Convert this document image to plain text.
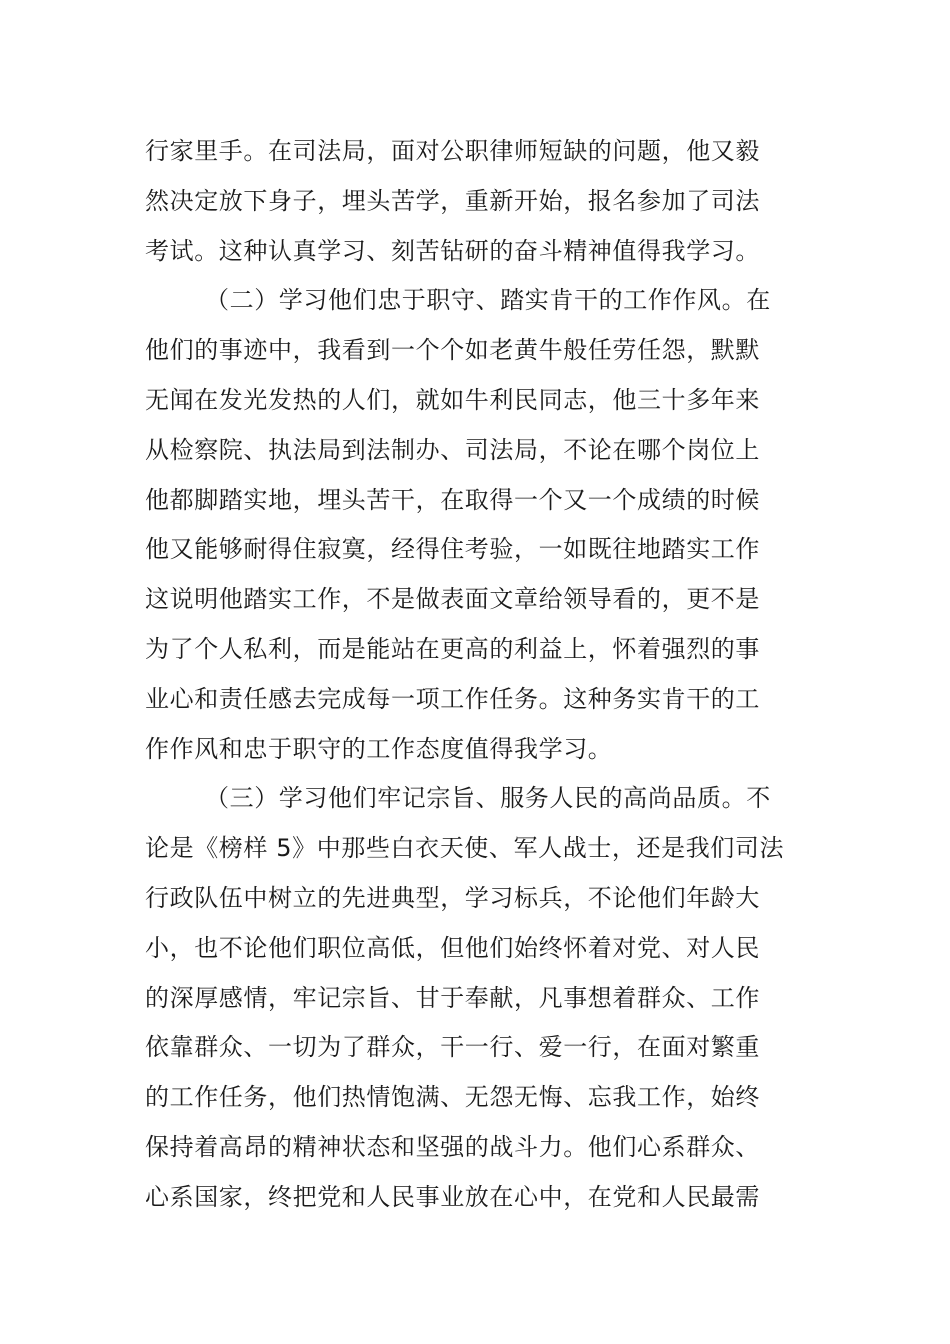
行家里手。在司法局，面对公职律师短缺的问题，他又毅
然决定放下身子，埋头苦学，重新开始，报名参加了司法
考试。这种认真学习、刻苦钻研的奋斗精神值得我学习。
（二）学习他们忠于职守、踏实肯干的工作作风。在
他们的事迹中，我看到一个个如老黄牛般任劳任怨，默默
无闻在发光发热的人们，就如牛利民同志，他三十多年来
从检察院、执法局到法制办、司法局，不论在哪个岗位上
他都脚踏实地，埋头苦干，在取得一个又一个成绩的时候
他又能够耐得住寂寞，经得住考验，一如既往地踏实工作
这说明他踏实工作，不是做表面文章给领导看的，更不是
为了个人私利，而是能站在更高的利益上，怀着强烈的事
业心和责任感去完成每一项工作任务。这种务实肯干的工
作作风和忠于职守的工作态度值得我学习。
（三）学习他们牢记宗旨、服务人民的高尚品质。不
论是《榜样 5》中那些白衣天使、军人战士，还是我们司法
行政队伍中树立的先进典型，学习标兵，不论他们年龄大
小，也不论他们职位高低，但他们始终怀着对党、对人民
的深厚感情，牢记宗旨、甘于奉献，凡事想着群众、工作
依靠群众、一切为了群众，干一行、爱一行，在面对繁重
的工作任务，他们热情饱满、无怨无悔、忘我工作，始终
保持着高昂的精神状态和坚强的战斗力。他们心系群众、
心系国家，终把党和人民事业放在心中，在党和人民最需
